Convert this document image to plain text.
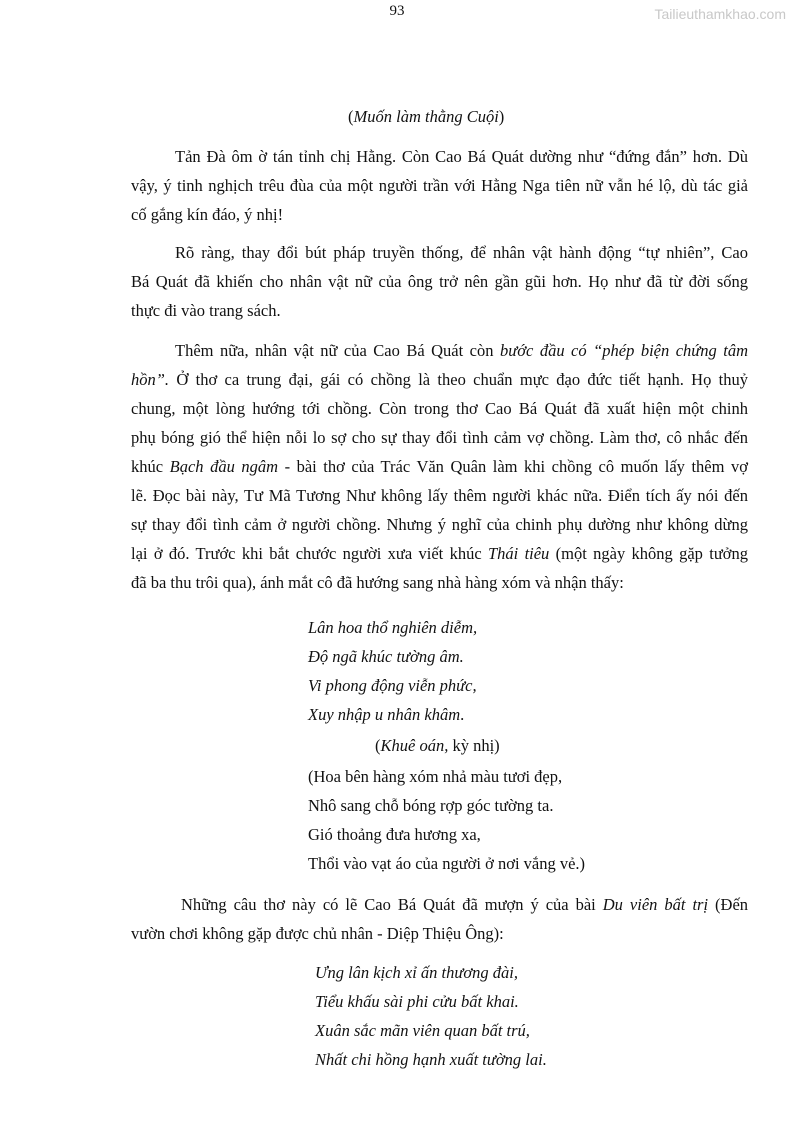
93	Tailieuthamkhao.com
(Muốn làm thằng Cuội)
Tản Đà ôm ờ tán tỉnh chị Hằng. Còn Cao Bá Quát dường như “đứng đắn” hơn. Dù
vậy, ý tinh nghịch trêu đùa của một người trần với Hằng Nga tiên nữ vẫn hé lộ, dù tác giả
cố gắng kín đáo, ý nhị!
Rõ ràng, thay đổi bút pháp truyền thống, để nhân vật hành động “tự nhiên”, Cao
Bá Quát đã khiến cho nhân vật nữ của ông trở nên gần gũi hơn. Họ như đã từ đời sống
thực đi vào trang sách.
Thêm nữa, nhân vật nữ của Cao Bá Quát còn bước đầu có “phép biện chứng tâm
hồn”. Ở thơ ca trung đại, gái có chồng là theo chuẩn mực đạo đức tiết hạnh. Họ thuỷ
chung, một lòng hướng tới chồng. Còn trong thơ Cao Bá Quát đã xuất hiện một chinh
phụ bóng gió thể hiện nỗi lo sợ cho sự thay đổi tình cảm vợ chồng. Làm thơ, cô nhắc đến
khúc Bạch đầu ngâm - bài thơ của Trác Văn Quân làm khi chồng cô muốn lấy thêm vợ
lẽ. Đọc bài này, Tư Mã Tương Như không lấy thêm người khác nữa. Điển tích ấy nói đến
sự thay đổi tình cảm ở người chồng. Nhưng ý nghĩ của chinh phụ dường như không dừng
lại ở đó. Trước khi bắt chước người xưa viết khúc Thái tiêu (một ngày không gặp tưởng
đã ba thu trôi qua), ánh mắt cô đã hướng sang nhà hàng xóm và nhận thấy:
Lân hoa thổ nghiên diễm,
Độ ngã khúc tường âm.
Vi phong động viễn phức,
Xuy nhập u nhân khâm.
(Khuê oán, kỳ nhị)
(Hoa bên hàng xóm nhả màu tươi đẹp,
Nhô sang chỗ bóng rợp góc tường ta.
Gió thoảng đưa hương xa,
Thổi vào vạt áo của người ở nơi vắng vẻ.)
Những câu thơ này có lẽ Cao Bá Quát đã mượn ý của bài Du viên bất trị (Đến
vườn chơi không gặp được chủ nhân - Diệp Thiệu Ông):
Ưng lân kịch xỉ ấn thương đài,
Tiểu khấu sài phi cửu bất khai.
Xuân sắc mãn viên quan bất trú,
Nhất chi hồng hạnh xuất tường lai.
